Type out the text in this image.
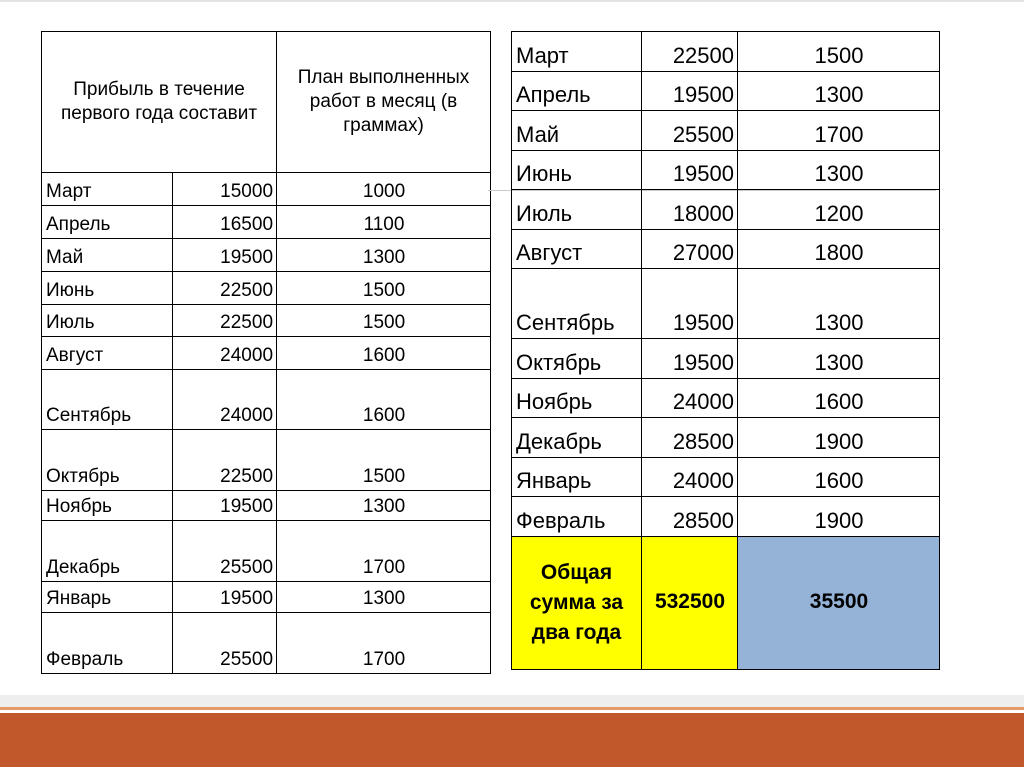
Прибыль в течение первого года составит		План выполненных работ в месяц (в граммах)
Март	15000	1000
Апрель	16500	1100
Май	19500	1300
Июнь	22500	1500
Июль	22500	1500
Август	24000	1600
Сентябрь	24000	1600
Октябрь	22500	1500
Ноябрь	19500	1300
Декабрь	25500	1700
Январь	19500	1300
Февраль	25500	1700
Март	22500	1500
Апрель	19500	1300
Май	25500	1700
Июнь	19500	1300
Июль	18000	1200
Август	27000	1800
Сентябрь	19500	1300
Октябрь	19500	1300
Ноябрь	24000	1600
Декабрь	28500	1900
Январь	24000	1600
Февраль	28500	1900
Общая сумма за два года	532500	35500
